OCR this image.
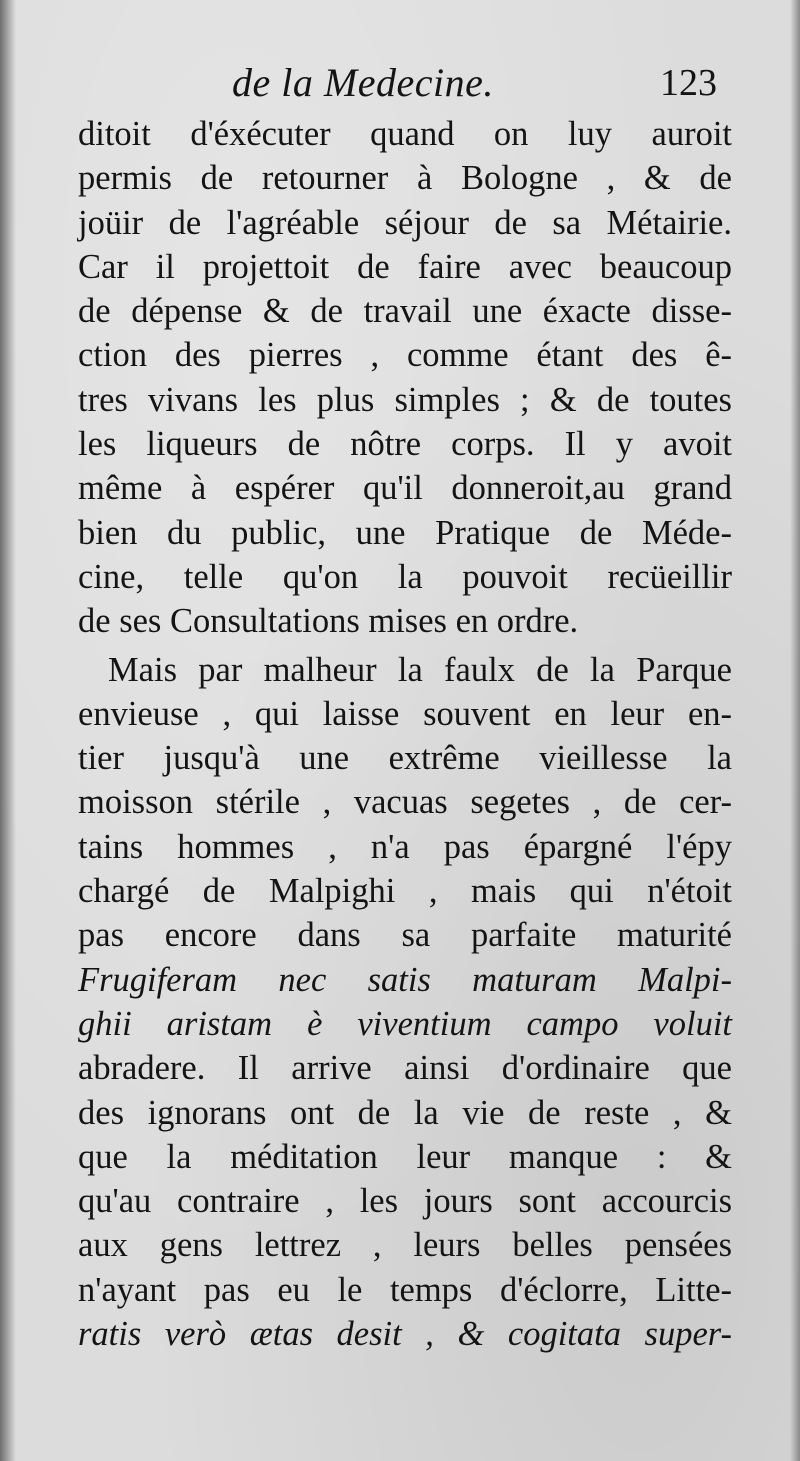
de la Medecine.	123
ditoit d'éxécuter quand on luy auroit
permis de retourner à Bologne , & de
joüir de l'agréable séjour de sa Métairie.
Car il projettoit de faire avec beaucoup
de dépense & de travail une éxacte disse-
ction des pierres , comme étant des ê-
tres vivans les plus simples ; & de toutes
les liqueurs de nôtre corps. Il y avoit
même à espérer qu'il donneroit,au grand
bien du public, une Pratique de Méde-
cine, telle qu'on la pouvoit recüeillir
de ses Consultations mises en ordre.
Mais par malheur la faulx de la Parque
envieuse , qui laisse souvent en leur en-
tier jusqu'à une extrême vieillesse la
moisson stérile , vacuas segetes , de cer-
tains hommes , n'a pas épargné l'épy
chargé de Malpighi , mais qui n'étoit
pas encore dans sa parfaite maturité
Frugiferam nec satis maturam Malpi-
ghii aristam è viventium campo voluit
abradere. Il arrive ainsi d'ordinaire que
des ignorans ont de la vie de reste , &
que la méditation leur manque : &
qu'au contraire , les jours sont accourcis
aux gens lettrez , leurs belles pensées
n'ayant pas eu le temps d'éclorre, Litte-
ratis verò ætas desit , & cogitata super-
